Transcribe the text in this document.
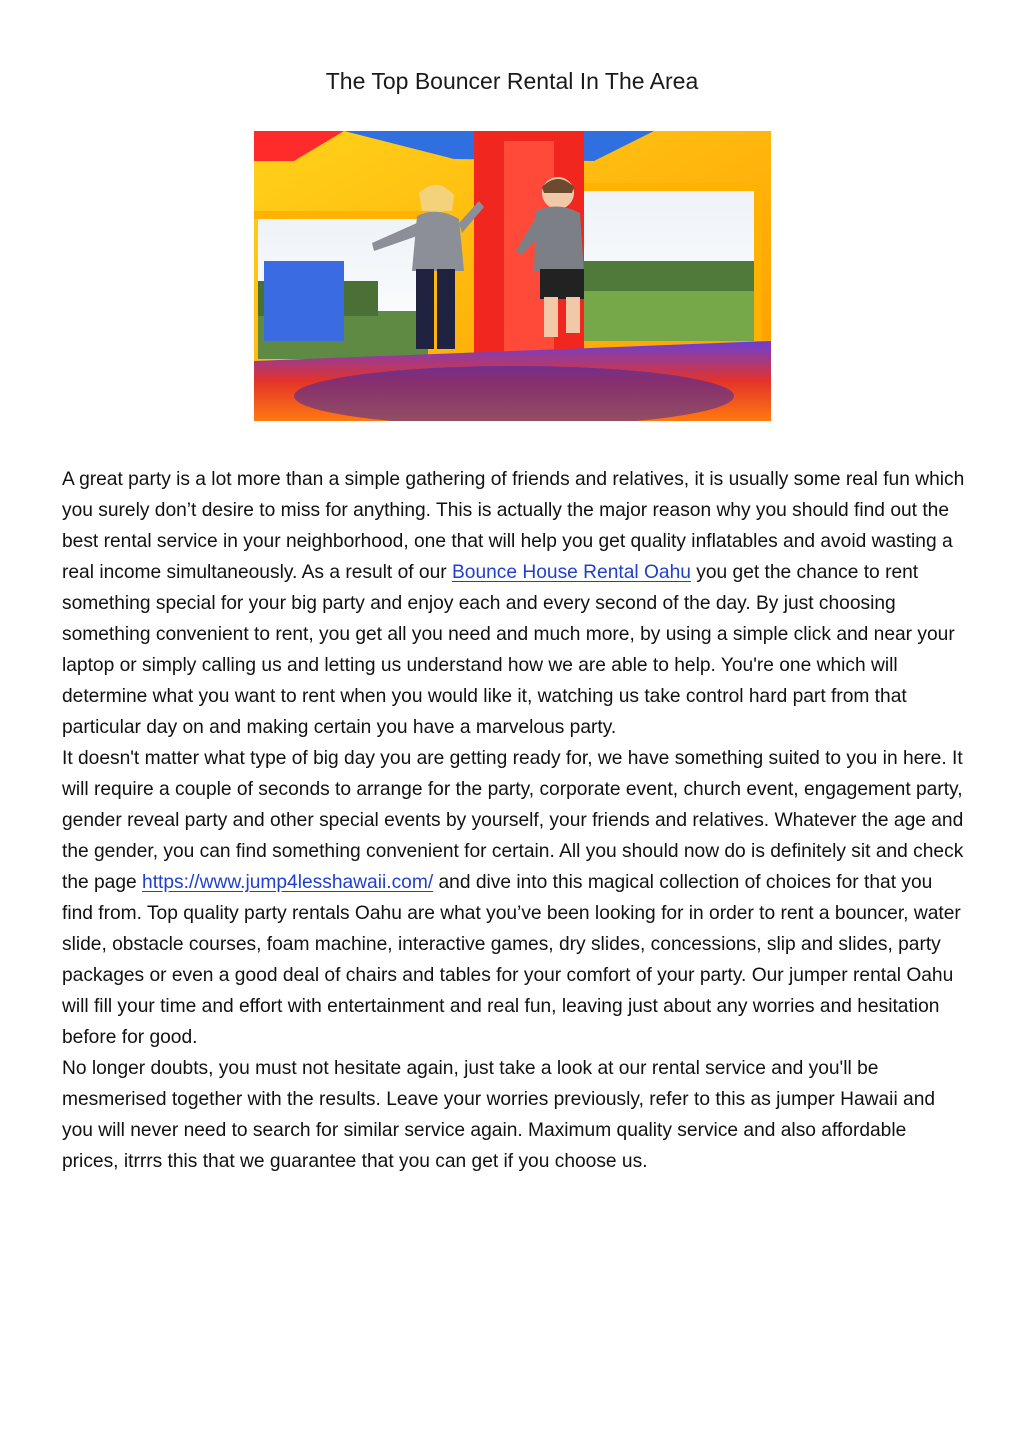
The Top Bouncer Rental In The Area

A great party is a lot more than a simple gathering of friends and relatives, it is usually some real fun which you surely don’t desire to miss for anything. This is actually the major reason why you should find out the best rental service in your neighborhood, one that will help you get quality inflatables and avoid wasting a real income simultaneously. As a result of our Bounce House Rental Oahu you get the chance to rent something special for your big party and enjoy each and every second of the day. By just choosing something convenient to rent, you get all you need and much more, by using a simple click and near your laptop or simply calling us and letting us understand how we are able to help. You're one which will determine what you want to rent when you would like it, watching us take control hard part from that particular day on and making certain you have a marvelous party.

It doesn't matter what type of big day you are getting ready for, we have something suited to you in here. It will require a couple of seconds to arrange for the party, corporate event, church event, engagement party, gender reveal party and other special events by yourself, your friends and relatives. Whatever the age and the gender, you can find something convenient for certain. All you should now do is definitely sit and check the page https://www.jump4lesshawaii.com/ and dive into this magical collection of choices for that you find from. Top quality party rentals Oahu are what you’ve been looking for in order to rent a bouncer, water slide, obstacle courses, foam machine, interactive games, dry slides, concessions, slip and slides, party packages or even a good deal of chairs and tables for your comfort of your party. Our jumper rental Oahu will fill your time and effort with entertainment and real fun, leaving just about any worries and hesitation before for good.

No longer doubts, you must not hesitate again, just take a look at our rental service and you'll be mesmerised together with the results. Leave your worries previously, refer to this as jumper Hawaii and you will never need to search for similar service again. Maximum quality service and also affordable prices, itrrrs this that we guarantee that you can get if you choose us.
